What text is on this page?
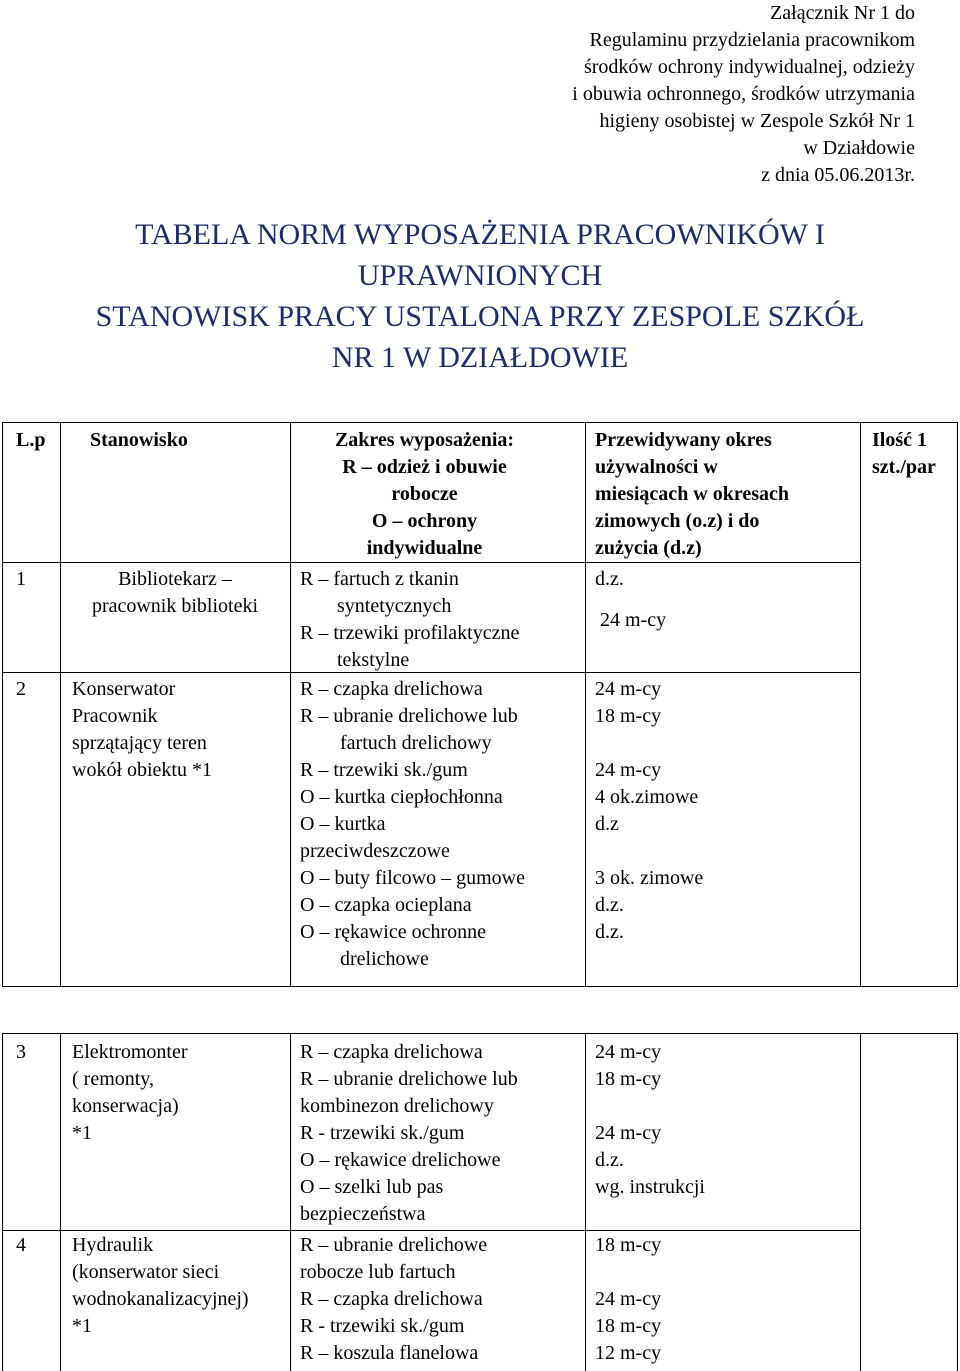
Załącznik Nr 1 do
Regulaminu przydzielania pracownikom
środków ochrony indywidualnej, odzieży
i obuwia ochronnego, środków utrzymania
higieny osobistej w Zespole Szkół Nr 1
w Działdowie
z dnia 05.06.2013r.
TABELA NORM WYPOSAŻENIA PRACOWNIKÓW I
UPRAWNIONYCH
STANOWISK PRACY USTALONA PRZY ZESPOLE SZKÓŁ
NR 1 W DZIAŁDOWIE
L.p Stanowisko	Zakres wyposażenia:
R – odzież i obuwie
robocze
O – ochrony
indywidualne
Przewidywany okres
używalności w
miesiącach w okresach
zimowych (o.z) i do
zużycia (d.z)
Ilość 1
szt./par
1	Bibliotekarz –
pracownik biblioteki
R – fartuch z tkanin
syntetycznych
R – trzewiki profilaktyczne
tekstylne
d.z.
24 m-cy
2 Konserwator
Pracownik
sprzątający teren
wokół obiektu *1
R – czapka drelichowa
R – ubranie drelichowe lub
fartuch drelichowy
R – trzewiki sk./gum
O – kurtka ciepłochłonna
O – kurtka
przeciwdeszczowe
O – buty filcowo – gumowe
O – czapka ocieplana
O – rękawice ochronne
drelichowe
24 m-cy
18 m-cy
24 m-cy
4 ok.zimowe
d.z
3 ok. zimowe
d.z.
d.z.
3 Elektromonter
( remonty,
konserwacja)
*1
R – czapka drelichowa
R – ubranie drelichowe lub
kombinezon drelichowy
R - trzewiki sk./gum
O – rękawice drelichowe
O – szelki lub pas
bezpieczeństwa
24 m-cy
18 m-cy
24 m-cy
d.z.
wg. instrukcji
4 Hydraulik
(konserwator sieci
wodnokanalizacyjnej)
*1
R – ubranie drelichowe
robocze lub fartuch
R – czapka drelichowa
R - trzewiki sk./gum
R – koszula flanelowa
18 m-cy
24 m-cy
18 m-cy
12 m-cy
